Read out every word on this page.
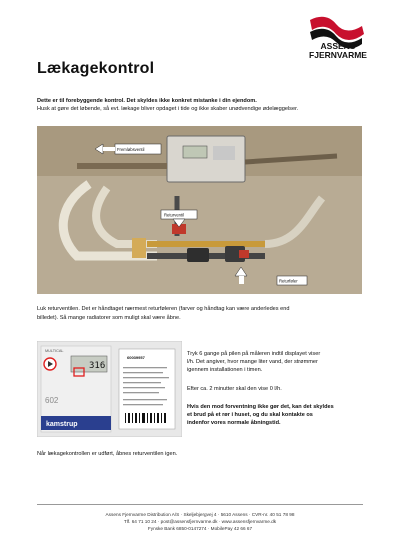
ASSENS
FJERNVARME
Lækagekontrol
Dette er til forebyggende kontrol. Det skyldes ikke konkret mistanke i din ejendom.
Husk at gøre det løbende, så evt. lækage bliver opdaget i tide og ikke skaber unødvendige ødelæggelser.
Fremløbsventil
Returventil
Returføler
Luk returventilen. Det er håndtaget nærmest returføleren (farver og håndtag kan være anderledes end
billedet). Så mange radiatorer som muligt skal være åbne.
MULTICAL
316
602
kamstrup
60039957
Tryk 6 gange på pilen på måleren indtil displayet viser
l/h. Det angiver, hvor mange liter vand, der strømmer
igennem installationen i timen.
Efter ca. 2 minutter skal den vise 0 l/h.
Hvis den mod forventning ikke gør det, kan det skyldes
et brud på et rør i huset, og du skal kontakte os
indenfor vores normale åbningstid.
Når lækagekontrollen er udført, åbnes returventilen igen.
Assens Fjernvarme Distribution A/S · Skeljebjergvej 4 · 5610 Assens · CVR-nr. 40 51 78 98
Tlf. 64 71 10 24 · post@assensfjernvarme.dk · www.assensfjernvarme.dk
Fynske Bank 6850-0147274 · MobilePay 42 66 67
